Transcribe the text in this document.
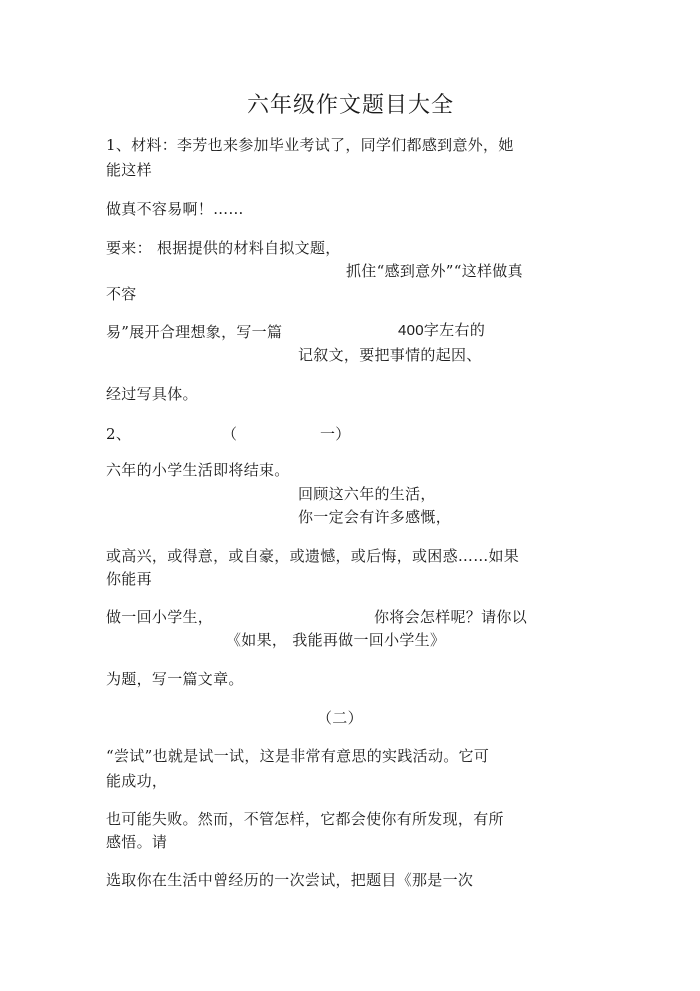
六年级作文题目大全
1、材料：李芳也来参加毕业考试了，同学们都感到意外，她
能这样
做真不容易啊！……
要来： 根据提供的材料自拟文题，
抓住“感到意外”“这样做真
不容
易”展开合理想象，写一篇	400字左右的
记叙文，要把事情的起因、
经过写具体。
2、	（	一）
六年的小学生活即将结束。
回顾这六年的生活，
你一定会有许多感慨，
或高兴，或得意，或自豪，或遗憾，或后悔，或困惑……如果
你能再
做一回小学生，	你将会怎样呢？请你以
《如果， 我能再做一回小学生》
为题，写一篇文章。
（二）
“尝试”也就是试一试，这是非常有意思的实践活动。它可
能成功，
也可能失败。然而，不管怎样，它都会使你有所发现，有所
感悟。请
选取你在生活中曾经历的一次尝试，把题目《那是一次
